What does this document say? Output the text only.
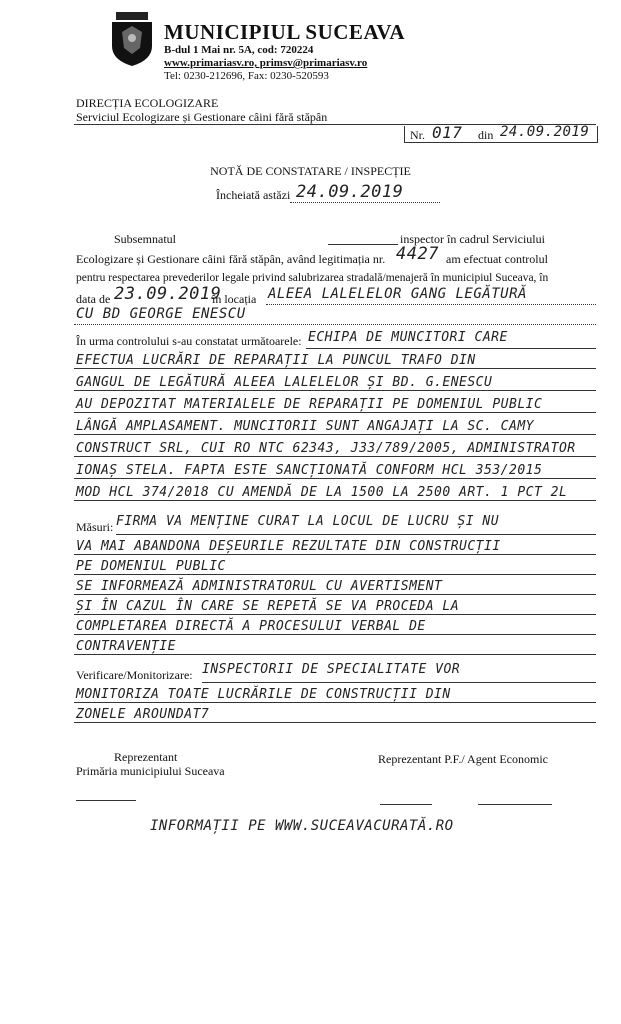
MUNICIPIUL SUCEAVA
B-dul 1 Mai nr. 5A, cod: 720224
www.primariasv.ro, primsv@primariasv.ro
Tel: 0230-212696, Fax: 0230-520593
DIRECȚIA ECOLOGIZARE
Serviciul Ecologizare și Gestionare câini fără stăpân
Nr. 017 din 24.09.2019
NOTĂ DE CONSTATARE / INSPECȚIE
Încheiată astăzi 24.09.2019
Subsemnatul	inspector în cadrul Serviciului
Ecologizare și Gestionare câini fără stăpân, având legitimația nr. 4427 am efectuat controlul
pentru respectarea prevederilor legale privind salubrizarea stradală/menajeră în municipiul Suceava, în
data de 23.09.2019
în locația ALEEA LALELELOR GANG LEGĂTURĂ
CU BD GEORGE ENESCU
În urma controlului s-au constatat următoarele: ECHIPA DE MUNCITORI CARE
EFECTUA LUCRĂRI DE REPARAȚII LA PUNCUL TRAFO DIN
GANGUL DE LEGĂTURĂ ALEEA LALELELOR ȘI BD. G.ENESCU
AU DEPOZITAT MATERIALELE DE REPARAȚII PE DOMENIUL PUBLIC
LÂNGĂ AMPLASAMENT. MUNCITORII SUNT ANGAJAȚI LA SC. CAMY
CONSTRUCT SRL, CUI RO NTC 62343, J33/789/2005, ADMINISTRATOR
IONAȘ STELA. FAPTA ESTE SANCȚIONATĂ CONFORM HCL 353/2015
MOD HCL 374/2018 CU AMENDĂ DE LA 1500 LA 2500 ART. 1 PCT 2L
Măsuri: FIRMA VA MENȚINE CURAT LA LOCUL DE LUCRU ȘI NU
VA MAI ABANDONA DEȘEURILE REZULTATE DIN CONSTRUCȚII
PE DOMENIUL PUBLIC
SE INFORMEAZĂ ADMINISTRATORUL CU AVERTISMENT
ȘI ÎN CAZUL ÎN CARE SE REPETĂ SE VA PROCEDA LA
COMPLETAREA DIRECTĂ A PROCESULUI VERBAL DE
CONTRAVENȚIE
Verificare/Monitorizare: INSPECTORII DE SPECIALITATE VOR
MONITORIZA TOATE LUCRĂRILE DE CONSTRUCȚII DIN
ZONELE AROUNDAT7
Reprezentant
Primăria municipiului Suceava
Reprezentant P.F./ Agent Economic
INFORMAȚII PE WWW.SUCEAVACURATĂ.RO
